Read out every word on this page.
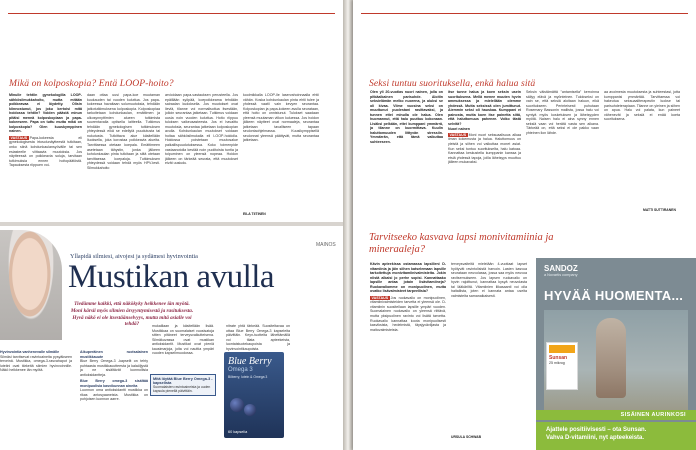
Mikä on kolposkopia? Entä LOOP-hoito?
Minulle tehtiin gynekologilla LOOP-sähkösilmukkahoito, mutta mitään poikkeavaa ei löydetty. Olisin kiinnostunut, jos joku kertoisi mitä hoidossa tehtiin? Voiden päästä minun pitäisi mennä kolposkopiaan ja papa-kokeeseen. Papa on tuttu mutta mikä on kolposkopia? Olen kuuskymppinen nainen.
VASTAUS Papa-kokeesta eli gynekologisesta irtosolunäytteestä tutkitaan, onko siinä kohdunkaulansyövälle tai sen esiasteelle viittaavia muutoksia. Jos näytteessä on poikkeavia soluja, tarvitaan tutkimuksia ennen hoitopäätöstä. Tapauksesta riippuen voi-
daan ottaa uusi papa-koe muutaman kuukauden tai vuoden kuluttua. Jos papa-kokeessa havaitaan solumuutoksia, tehdään jatkotutkimuksena kolposkopia. Kolposkopiaa tarkoitetaan kohdunkaulan, emättimen ja ulkosynnyttimien alueen tutkimista suurentavalla optisella laitteella. Tutkimus tehdään gynekologisen tutkimuksen yhteydessä eikä se edellytä puudutusta tai nukutusta. Tutkittava alue käsitellään liuoksella, joka korostaa poikkeavia alueita. Tarvittaessa otetaan koepala. Emättimeen asetetaan tähystin, jonka jälkeen kohdunkaulan pinta tutkitaan ja siitä otetaan tarvittaessa koepaloja. Tutkimuksen yhteydessä voidaan tehdä myös HPV-testi. Silmukkahoito
arvioidaan papa-vastauksen perusteella. Jos epäillään syöpää, koepoikkeama tehdään sairaalan kudoksella. Jos muutokset ovat lieviä, tilanne voi normalisoitua itsestään, jolloin seurantaa jatketaan. Tutkimus voidaan uusia noin vuoden kuluttua. Hoito riippuu tuloksen vaikeusasteesta. Jos ei havaittu muutoksia, seurantaa jatketaan kolposkopian avulla. Kohdunkaulan muutokset voidaan hoitaa sähkösilmukalla eli LOOP-hoidolla. Hoidossa poistetaan muutosalue paikallispuudutuksessa. Koko toimenpide vastaanotolla kestää noin puolitoista tuntia ja toipuminen on yleensä nopeaa. Hoidon jälkeen on tärkeää seurata, että muutokset eivät uusiudu.
koolmikkalla LOOP-lle laservahoinnaalla ehtii vähän. Koska kohdunkaulan pinta ehtii tulee ja yhdessä vaatii vain kevyen seurantaa. Kolposkopian ja papa-kokeen avulla seurataan, että hoito on onnistunut. Tulokset saadaan yleensä muutaman viikon kuluessa. Jos hoidon jälkeen näytteet ovat normaaleja, seurantaa jatketaan tavalliseen tapaan seulontaohjelmassa. Kuusikymppisellä seulonnat yleensä päättyvät, mutta seurantaa jatketaan.
EILA TIITINEN
MAINOS
Yllapidä silmiesi, aivojesi ja sydämesi hyvinvointia
Mustikan avulla
Tiedämme kaikki, että näkökyky heikkenee iän myötä. Moni kärsii myös silmien ärsyyntymisestä ja rasituksesta. Hyvä näkö ei ole itsestäänselvyys, mutta mitä asialle voi tehdä?
Hyvinvointia vanhenevalle silmälle
Silmäsi tarvitsevat ravintoaineita pysyäkseen terveinä. Mustikka, omega-3-rasvahapot ja luteiini ovat tärkeitä silmien hyvinvoinnille. Näkö heikkenee iän myötä.
Aikuperäinen ruotsalainen mustikkauute
Blue Berry Omega-3 -kapselit on tehty puhtaasta mustikkauutteesta ja kalaöljystä ja ne sisältävät luonnollisia antioksidantteja.
Blue Berry omega-3 sisältää monipuolisia kasvikunnan aineita
Luonnon oma antioksidantti mustikka on rikas antosyaaneista. Mustikka on pohjoisen luonnon aarre.
mukaillaan ja käsitellään lisää. Mustikkaa on suomalaiset vuosisatoja sitten pitäneet terveysvaikutteisena. Silmäkuvassa ovat mustikan antioksidantit. Mustikat ovat pieniä kausimarjoja, joita voi nauttia ympäri vuoden kapselimuodossa.
Mitä löytää Blue Berry Omega-3 -kapselista
Suomalaisten ravintoaineista ja uuden kapsula pienellä päivittäin.
nitrate yhtä tärkeää. Suositeltavaa on ottaa Blue Berry Omega-3 kapseleita päivittäin. Keyn-tuotteita lähettämällä voi tilata apteekeista, luontaistuotekaupoista ja hyvinvointikaupoista.
Blue Berry
Omega 3
Bilberry, lutein & Omega 3
60 kapselia
Seksi tuntuu suorituksella, enkä halua sitä
Olen yli 20-vuotias nuori nainen, jolla on pitkäaikainen parisuhde. Aloitin seksielämän melko nuorena, ja aluksi se oli kivaa. Viime vuosina seksi on muuttunut puolestani rasittavaksi, ja tunnen ettei minulla ole halua. Olen huomannut, että halu puuttuu kokonaan. Lisäksi pelkään, ettei kumppani ymmärrä, ja tilanne on kuormittava. Kuulin haluttomuuden liittyvän stressiin. Ymmärrän, että tämä vaikuttaa suhteeseen.
itse tunne halua ja koen seksin usein suorituksena. Mellä menee muuten hyvin ammuksessa ja mielellään olemme yhdessä. Mutta seksissä olen jumittunut. Aiemmin seksi oli hauskaa. Kumppani ei painosta, mutta koen itse painetta siitä, että haluttomuus pahenee. Voiko tästä selvitä?
Nuori nainen
VASTAUS Moni nuori seksuaalisuus alkaa ilman kokemusta ja halua. Haluttomuus on yleistä ja siihen voi vaikuttaa monet asiat. Kun seksi tuntuu suoritukselta, halu katoaa. Kannattaa keskustella kumppanin kanssa ja etsiä yhdessä tapoja, joilla läheisyys muuttuu jälleen mukavaksi.
Seksin väistämättä ”antamisella” kerroinna säilyy elävä ja myönteinen. Tulokseksi on vain se, että seksiä aloitaan haluun, eikä suoritukseen. Perinteisesti puhutaan Rosemary Bassonin mallista, jossa halu voi syntyä myös kosketuksen ja läheisyyden myötä. Naisen halu ei aina synny ennen seksiä vaan voi herätä vasta sen aikana. Tärkeää on, että seksi ei ole pakko vaan yhteinen ilon lähde.
aa avoimesta muutoksesta ja suhteestasi, jotta kumppanisi ymmärtää. Tarvittaessa voi hakeutua seksuaaliterapeutin luokse tai parisuhdeterapiaan. Tilanne on yleinen ja siihen on apua. Halu voi palata, kun paineet vähenevät ja seksiä ei enää koeta suorituksena.
MATTI SUTTIRANEN
Tarvitseeko kasvava lapsi monivitamiinia ja mineraaleja?
Kävin apteekissa ostamassa lapsilleni D-vitamiinia ja jäin siihen katselemaan lapsille tarkoitettuja monivitamiinivalmisteita. Jokin niistä alkaisi jo perhe sopisi. Kannattaako lapsille antaa jotain lisävitamiineja? Ruokavaliomme on monipuolinen, mutta ovatko lisävalmisteet tarpeellisia?
VASTAUS Jos ruokavalio on monipuolinen, vitamiinivalmisteiden tarvetta ei yleensä ole. D-vitamiinin suositellaan lapsille ympäri vuoden. Suomalainen ruokavalio on yleensä riittävä, mutta yksipuolinen ravinto voi lisätä tarvetta. Ruokavalio kannattaa koota monipuolisesti kasviksista, hedelmistä, täysjyväviljasta ja maitovalmisteista.
terveysvaiteitä mielelään 4-vuotiaat lapset hyötyvät ravintolisistä harvoin. Lasten kasvua seurataan neuvolassa, jossa saa myös neuvoa ravitsemukseen. Jos lapsen ruokavalio on hyvin rajoittunut, kannattaa kysyä neuvolasta tai lääkäriltä. Vitamiinien liikasaanti voi olla haitallista, joten ei kannata antaa useita valmisteita samanaikaisesti.
URSULA SCHWAB
SANDOZ
a Novartis company
HYVÄÄ HUOMENTA...
Sunsan
25 mikrog
SISÄINEN AURINKOSI
Ajattele positiivisesti – ota Sunsan.
Vahva D-vitamiini, nyt apteekeista.
